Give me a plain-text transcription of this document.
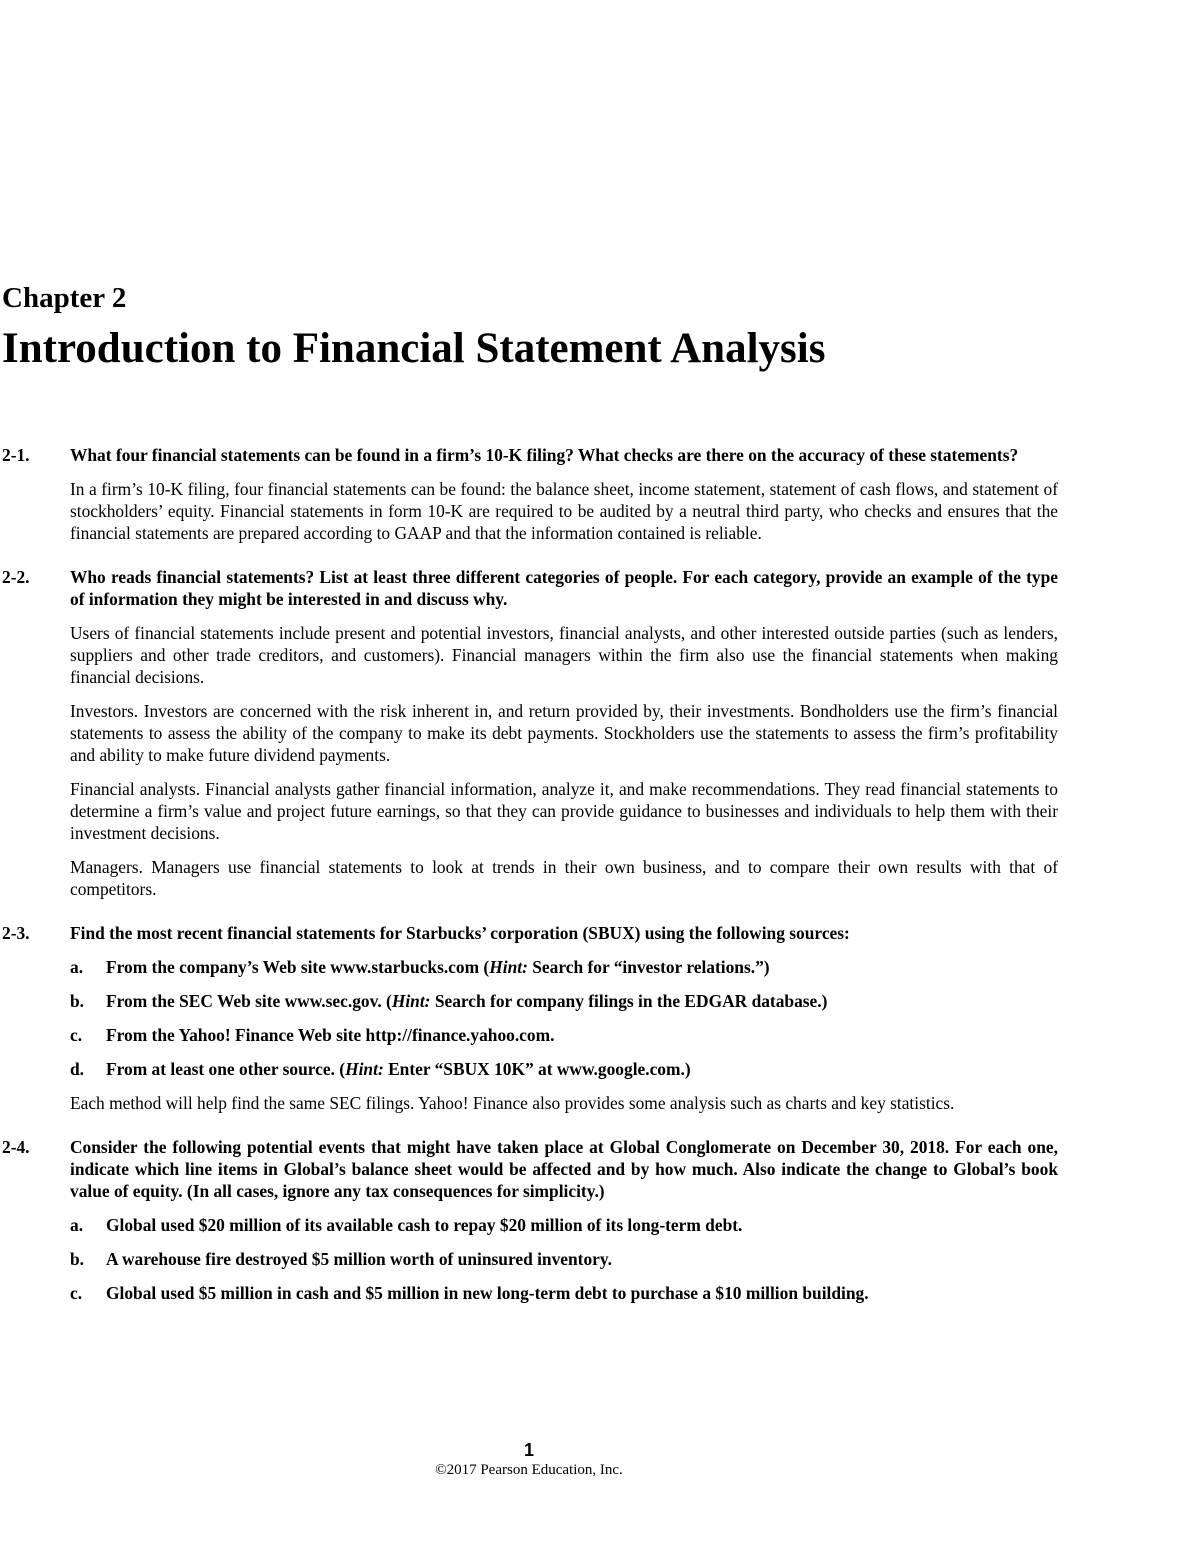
Chapter 2
Introduction to Financial Statement Analysis
2-1. What four financial statements can be found in a firm’s 10-K filing? What checks are there on the accuracy of these statements?

In a firm’s 10-K filing, four financial statements can be found: the balance sheet, income statement, statement of cash flows, and statement of stockholders’ equity. Financial statements in form 10-K are required to be audited by a neutral third party, who checks and ensures that the financial statements are prepared according to GAAP and that the information contained is reliable.

2-2. Who reads financial statements? List at least three different categories of people. For each category, provide an example of the type of information they might be interested in and discuss why.

Users of financial statements include present and potential investors, financial analysts, and other interested outside parties (such as lenders, suppliers and other trade creditors, and customers). Financial managers within the firm also use the financial statements when making financial decisions.

Investors. Investors are concerned with the risk inherent in, and return provided by, their investments. Bondholders use the firm’s financial statements to assess the ability of the company to make its debt payments. Stockholders use the statements to assess the firm’s profitability and ability to make future dividend payments.

Financial analysts. Financial analysts gather financial information, analyze it, and make recommendations. They read financial statements to determine a firm’s value and project future earnings, so that they can provide guidance to businesses and individuals to help them with their investment decisions.

Managers. Managers use financial statements to look at trends in their own business, and to compare their own results with that of competitors.

2-3. Find the most recent financial statements for Starbucks’ corporation (SBUX) using the following sources:

a. From the company’s Web site www.starbucks.com (Hint: Search for “investor relations.”)
b. From the SEC Web site www.sec.gov. (Hint: Search for company filings in the EDGAR database.)
c. From the Yahoo! Finance Web site http://finance.yahoo.com.
d. From at least one other source. (Hint: Enter “SBUX 10K” at www.google.com.)

Each method will help find the same SEC filings. Yahoo! Finance also provides some analysis such as charts and key statistics.

2-4. Consider the following potential events that might have taken place at Global Conglomerate on December 30, 2018. For each one, indicate which line items in Global’s balance sheet would be affected and by how much. Also indicate the change to Global’s book value of equity. (In all cases, ignore any tax consequences for simplicity.)

a. Global used $20 million of its available cash to repay $20 million of its long-term debt.
b. A warehouse fire destroyed $5 million worth of uninsured inventory.
c. Global used $5 million in cash and $5 million in new long-term debt to purchase a $10 million building.
1
©2017 Pearson Education, Inc.
